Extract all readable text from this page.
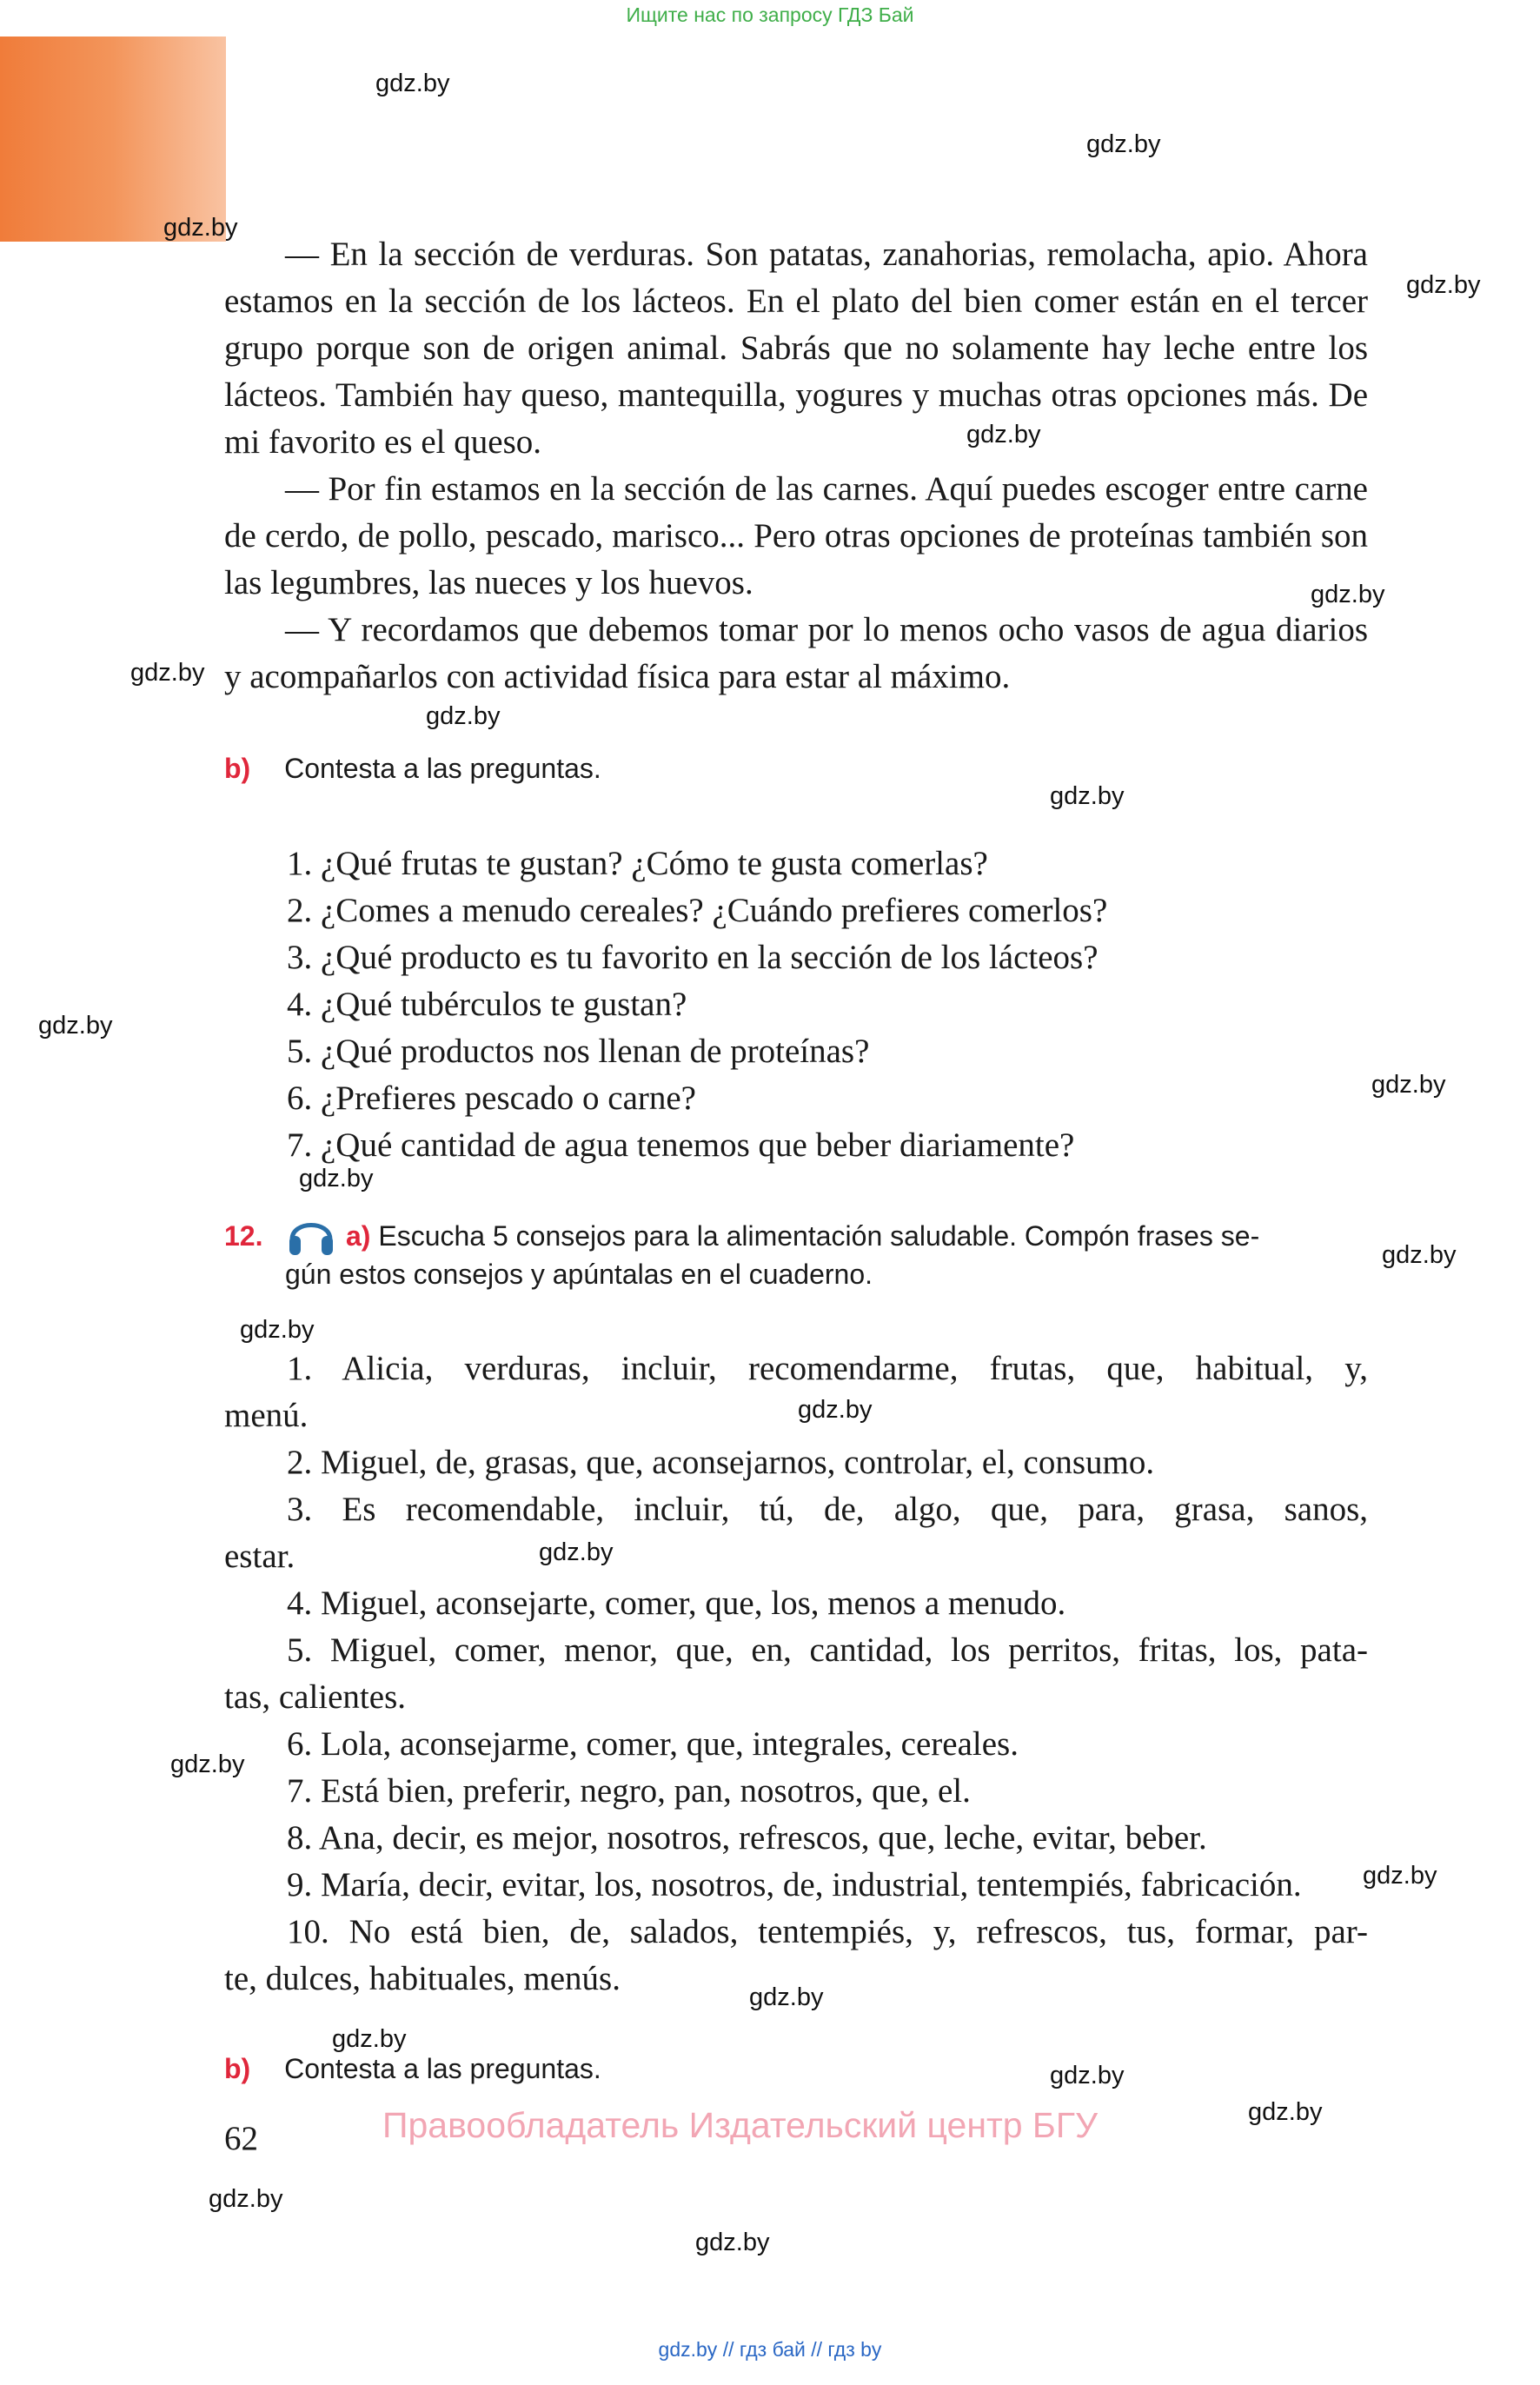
Ищите нас по запросу ГДЗ Бай
gdz.by
gdz.by
gdz.by
gdz.by
gdz.by
gdz.by
gdz.by
gdz.by
gdz.by
gdz.by
gdz.by
gdz.by
gdz.by
gdz.by
gdz.by
gdz.by
gdz.by
gdz.by
gdz.by
gdz.by
gdz.by
gdz.by
gdz.by
gdz.by

— En la sección de verduras. Son patatas, zanahorias, remolacha, apio. Ahora estamos en la sección de los lácteos. En el plato del bien comer están en el tercer grupo porque son de origen animal. Sabrás que no solamente hay leche entre los lácteos. También hay queso, mantequilla, yogures y muchas otras opciones más. De mi favorito es el queso.

— Por fin estamos en la sección de las carnes. Aquí puedes escoger entre carne de cerdo, de pollo, pescado, marisco... Pero otras opciones de proteínas también son las legumbres, las nueces y los huevos.

— Y recordamos que debemos tomar por lo menos ocho vasos de agua diarios y acompañarlos con actividad física para estar al máximo.

b) Contesta a las preguntas.

1. ¿Qué frutas te gustan? ¿Cómo te gusta comerlas?

2. ¿Comes a menudo cereales? ¿Cuándo prefieres comerlos?

3. ¿Qué producto es tu favorito en la sección de los lácteos?

4. ¿Qué tubérculos te gustan?

5. ¿Qué productos nos llenan de proteínas?

6. ¿Prefieres pescado o carne?

7. ¿Qué cantidad de agua tenemos que beber diariamente?

12.	a) Escucha 5 consejos para la alimentación saludable. Compón frases se-
gún estos consejos y apúntalas en el cuaderno.

1. Alicia, verduras, incluir, recomendarme, frutas, que, habitual, y,

menú.

2. Miguel, de, grasas, que, aconsejarnos, controlar, el, consumo.

3. Es recomendable, incluir, tú, de, algo, que, para, grasa, sanos,

estar.

4. Miguel, aconsejarte, comer, que, los, menos a menudo.

5. Miguel, comer, menor, que, en, cantidad, los perritos, fritas, los, pata-

tas, calientes.

6. Lola, aconsejarme, comer, que, integrales, cereales.

7. Está bien, preferir, negro, pan, nosotros, que, el.

8. Ana, decir, es mejor, nosotros, refrescos, que, leche, evitar, beber.

9. María, decir, evitar, los, nosotros, de, industrial, tentempiés, fabricación.

10. No está bien, de, salados, tentempiés, y, refrescos, tus, formar, par-

te, dulces, habituales, menús.

b) Contesta a las preguntas.
62	Правообладатель Издательский центр БГУ
gdz.by // гдз бай // гдз by
